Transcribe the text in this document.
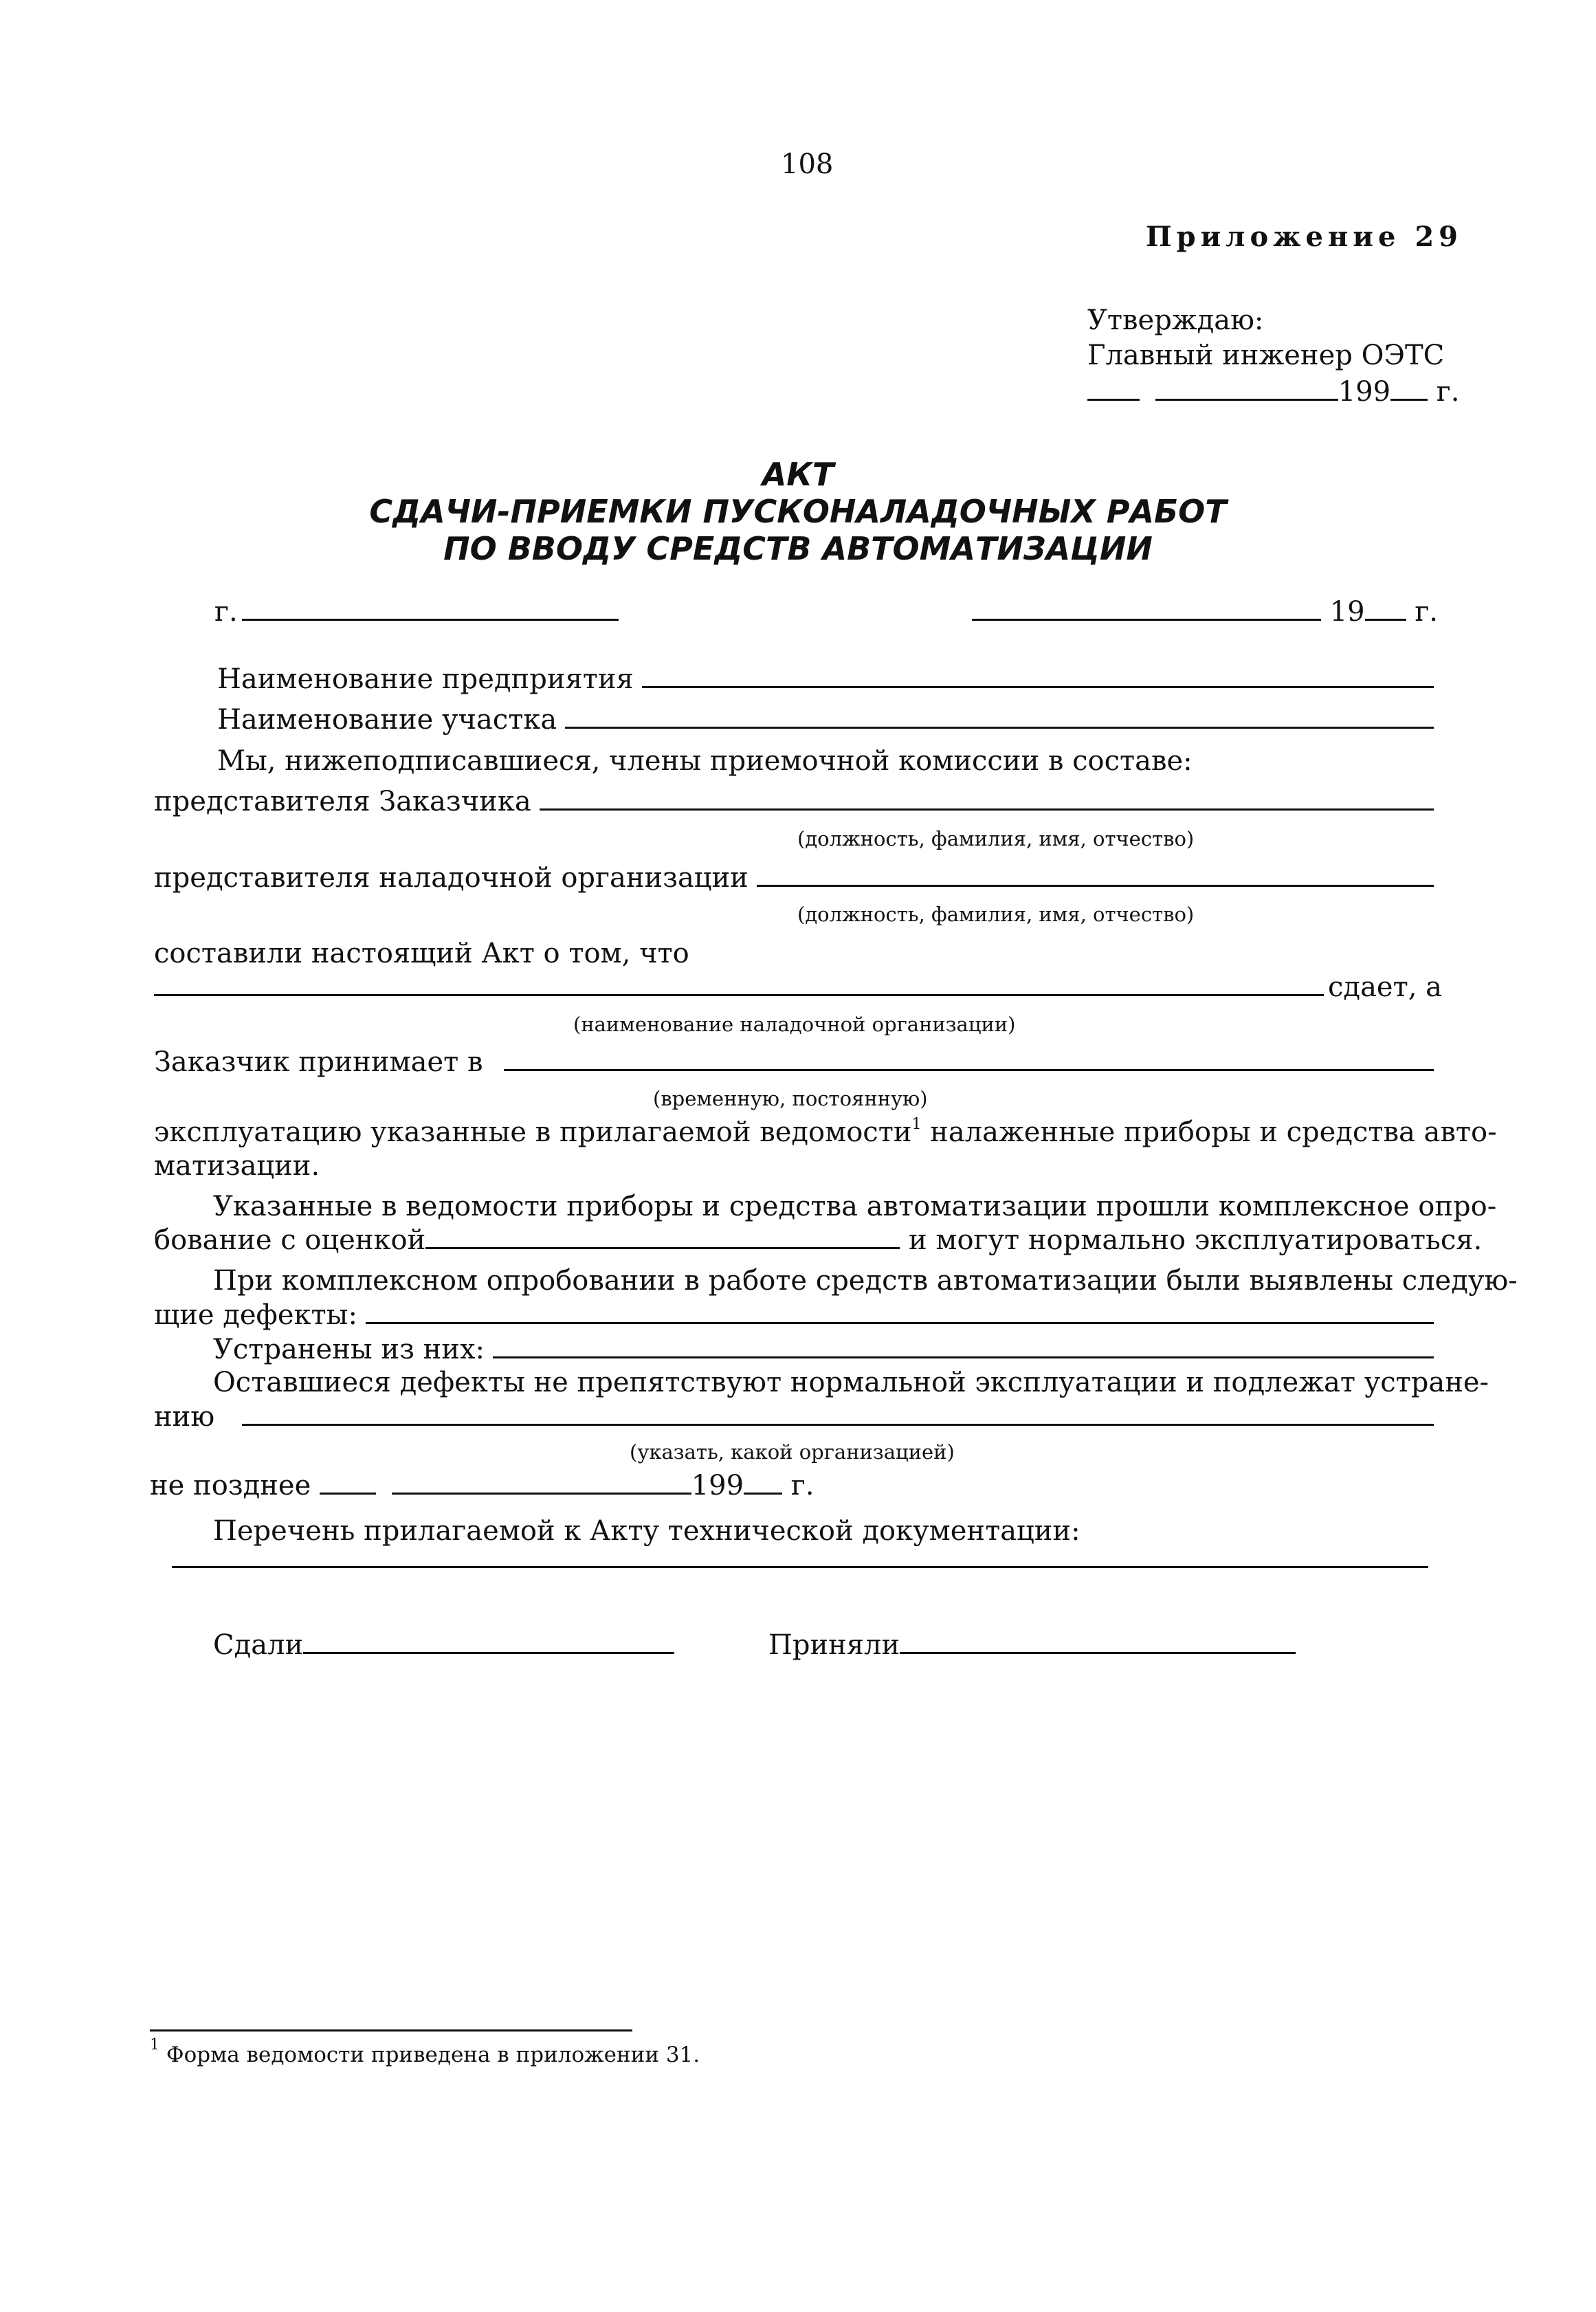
108
Приложение 29
Утверждаю:
Главный инженер ОЭТС
199 г.
АКТ
СДАЧИ-ПРИЕМКИ ПУСКОНАЛАДОЧНЫХ РАБОТ
ПО ВВОДУ СРЕДСТВ АВТОМАТИЗАЦИИ
г.	19 г.
Наименование предприятия
Наименование участка
Мы, нижеподписавшиеся, члены приемочной комиссии в составе:
представителя Заказчика
(должность, фамилия, имя, отчество)
представителя наладочной организации
(должность, фамилия, имя, отчество)
составили настоящий Акт о том, что
сдает, а
(наименование наладочной организации)
Заказчик принимает в
(временную, постоянную)
эксплуатацию указанные в прилагаемой ведомости$^1$ налаженные приборы и средства авто-
матизации.
Указанные в ведомости приборы и средства автоматизации прошли комплексное опро-
бование с оценкой	и могут нормально эксплуатироваться.
При комплексном опробовании в работе средств автоматизации были выявлены следую-
щие дефекты:
Устранены из них:
Оставшиеся дефекты не препятствуют нормальной эксплуатации и подлежат устране-
нию
(указать, какой организацией)
не позднее	199 г.
Перечень прилагаемой к Акту технической документации:
Сдали	Приняли
$^1$ Форма ведомости приведена в приложении 31.
